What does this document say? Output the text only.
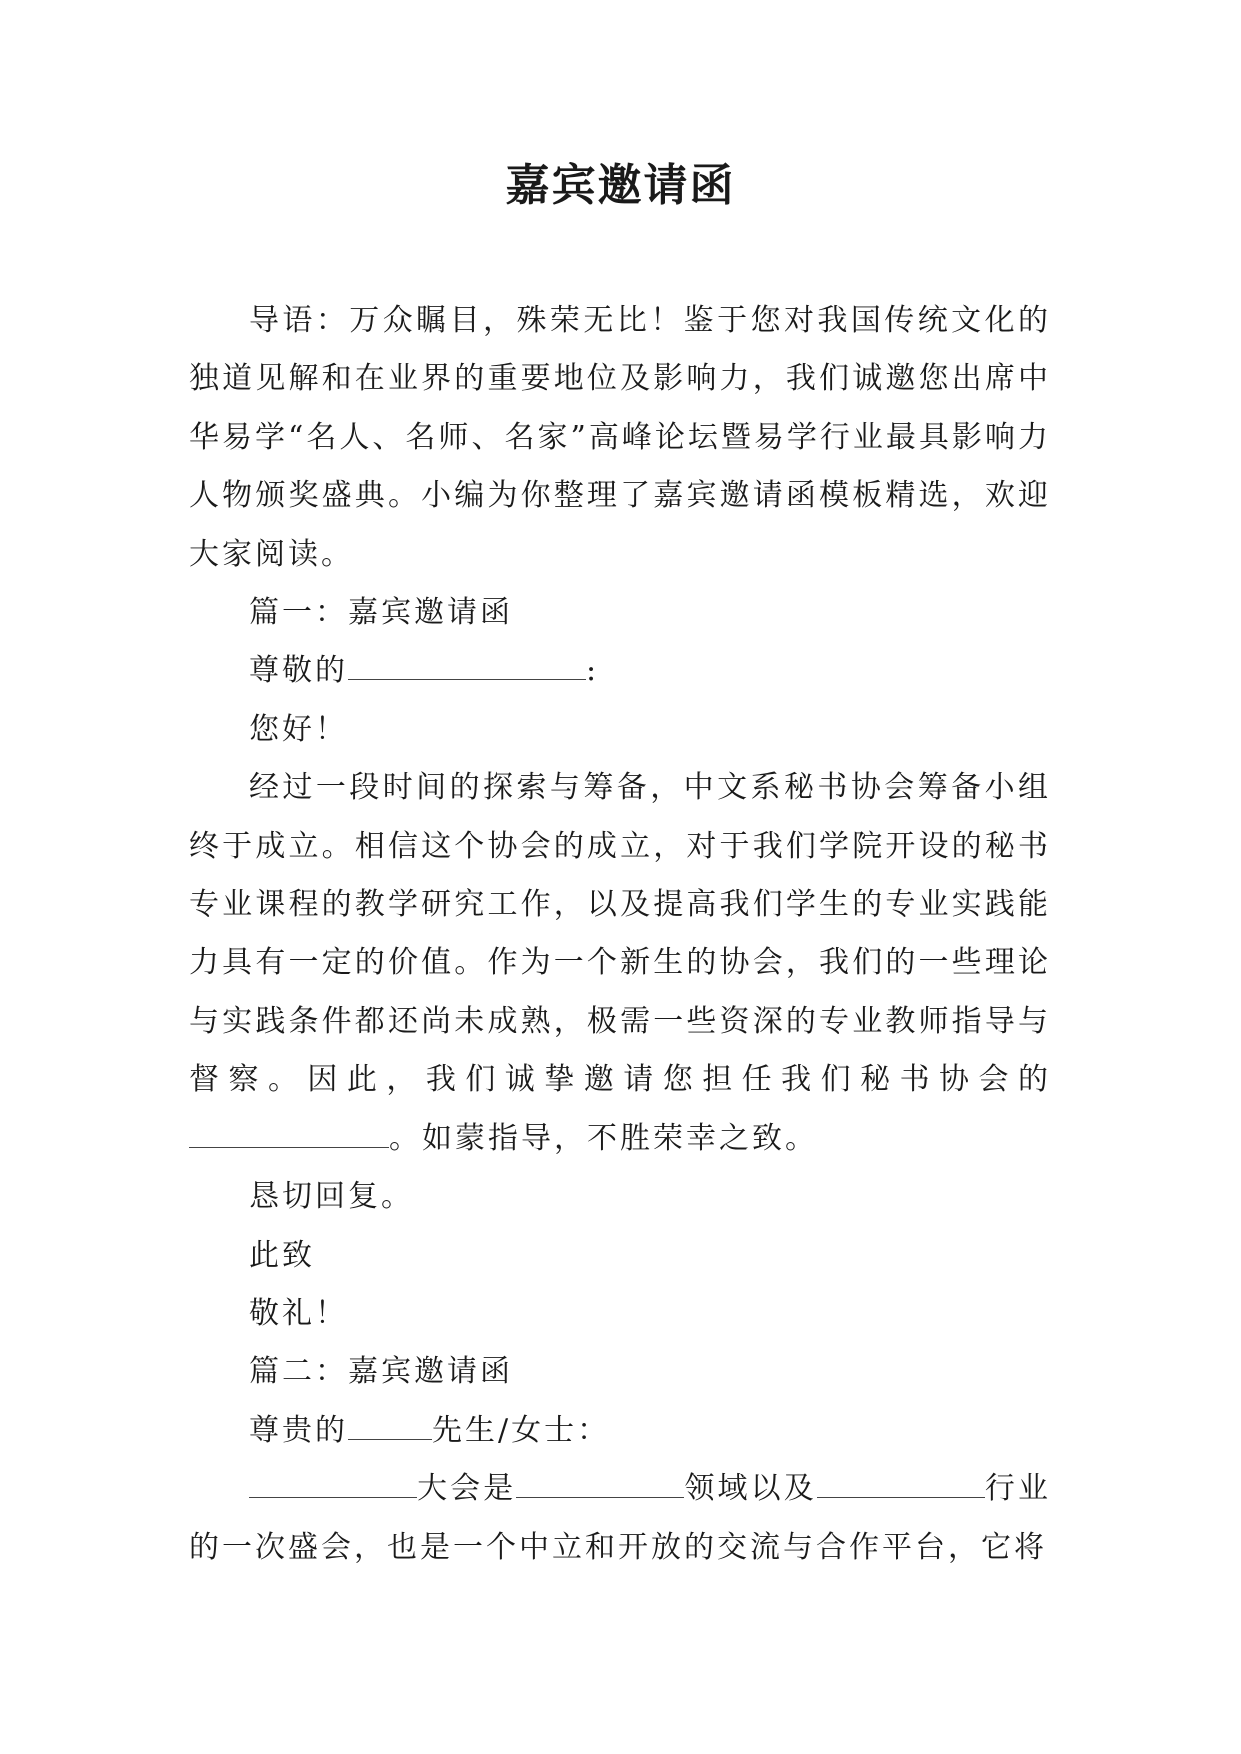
嘉宾邀请函

导语：万众瞩目，殊荣无比！鉴于您对我国传统文化的独道见解和在业界的重要地位及影响力，我们诚邀您出席中华易学“名人、名师、名家”高峰论坛暨易学行业最具影响力人物颁奖盛典。小编为你整理了嘉宾邀请函模板精选，欢迎大家阅读。

篇一：嘉宾邀请函

尊敬的	:

您好！

经过一段时间的探索与筹备，中文系秘书协会筹备小组终于成立。相信这个协会的成立，对于我们学院开设的秘书专业课程的教学研究工作，以及提高我们学生的专业实践能力具有一定的价值。作为一个新生的协会，我们的一些理论与实践条件都还尚未成熟，极需一些资深的专业教师指导与督察。因此，我们诚挚邀请您担任我们秘书协会的。如蒙指导，不胜荣幸之致。

恳切回复。

此致

敬礼！

篇二：嘉宾邀请函

尊贵的	先生/女士：

大会是	领域以及	行业的一次盛会，也是一个中立和开放的交流与合作平台，它将
